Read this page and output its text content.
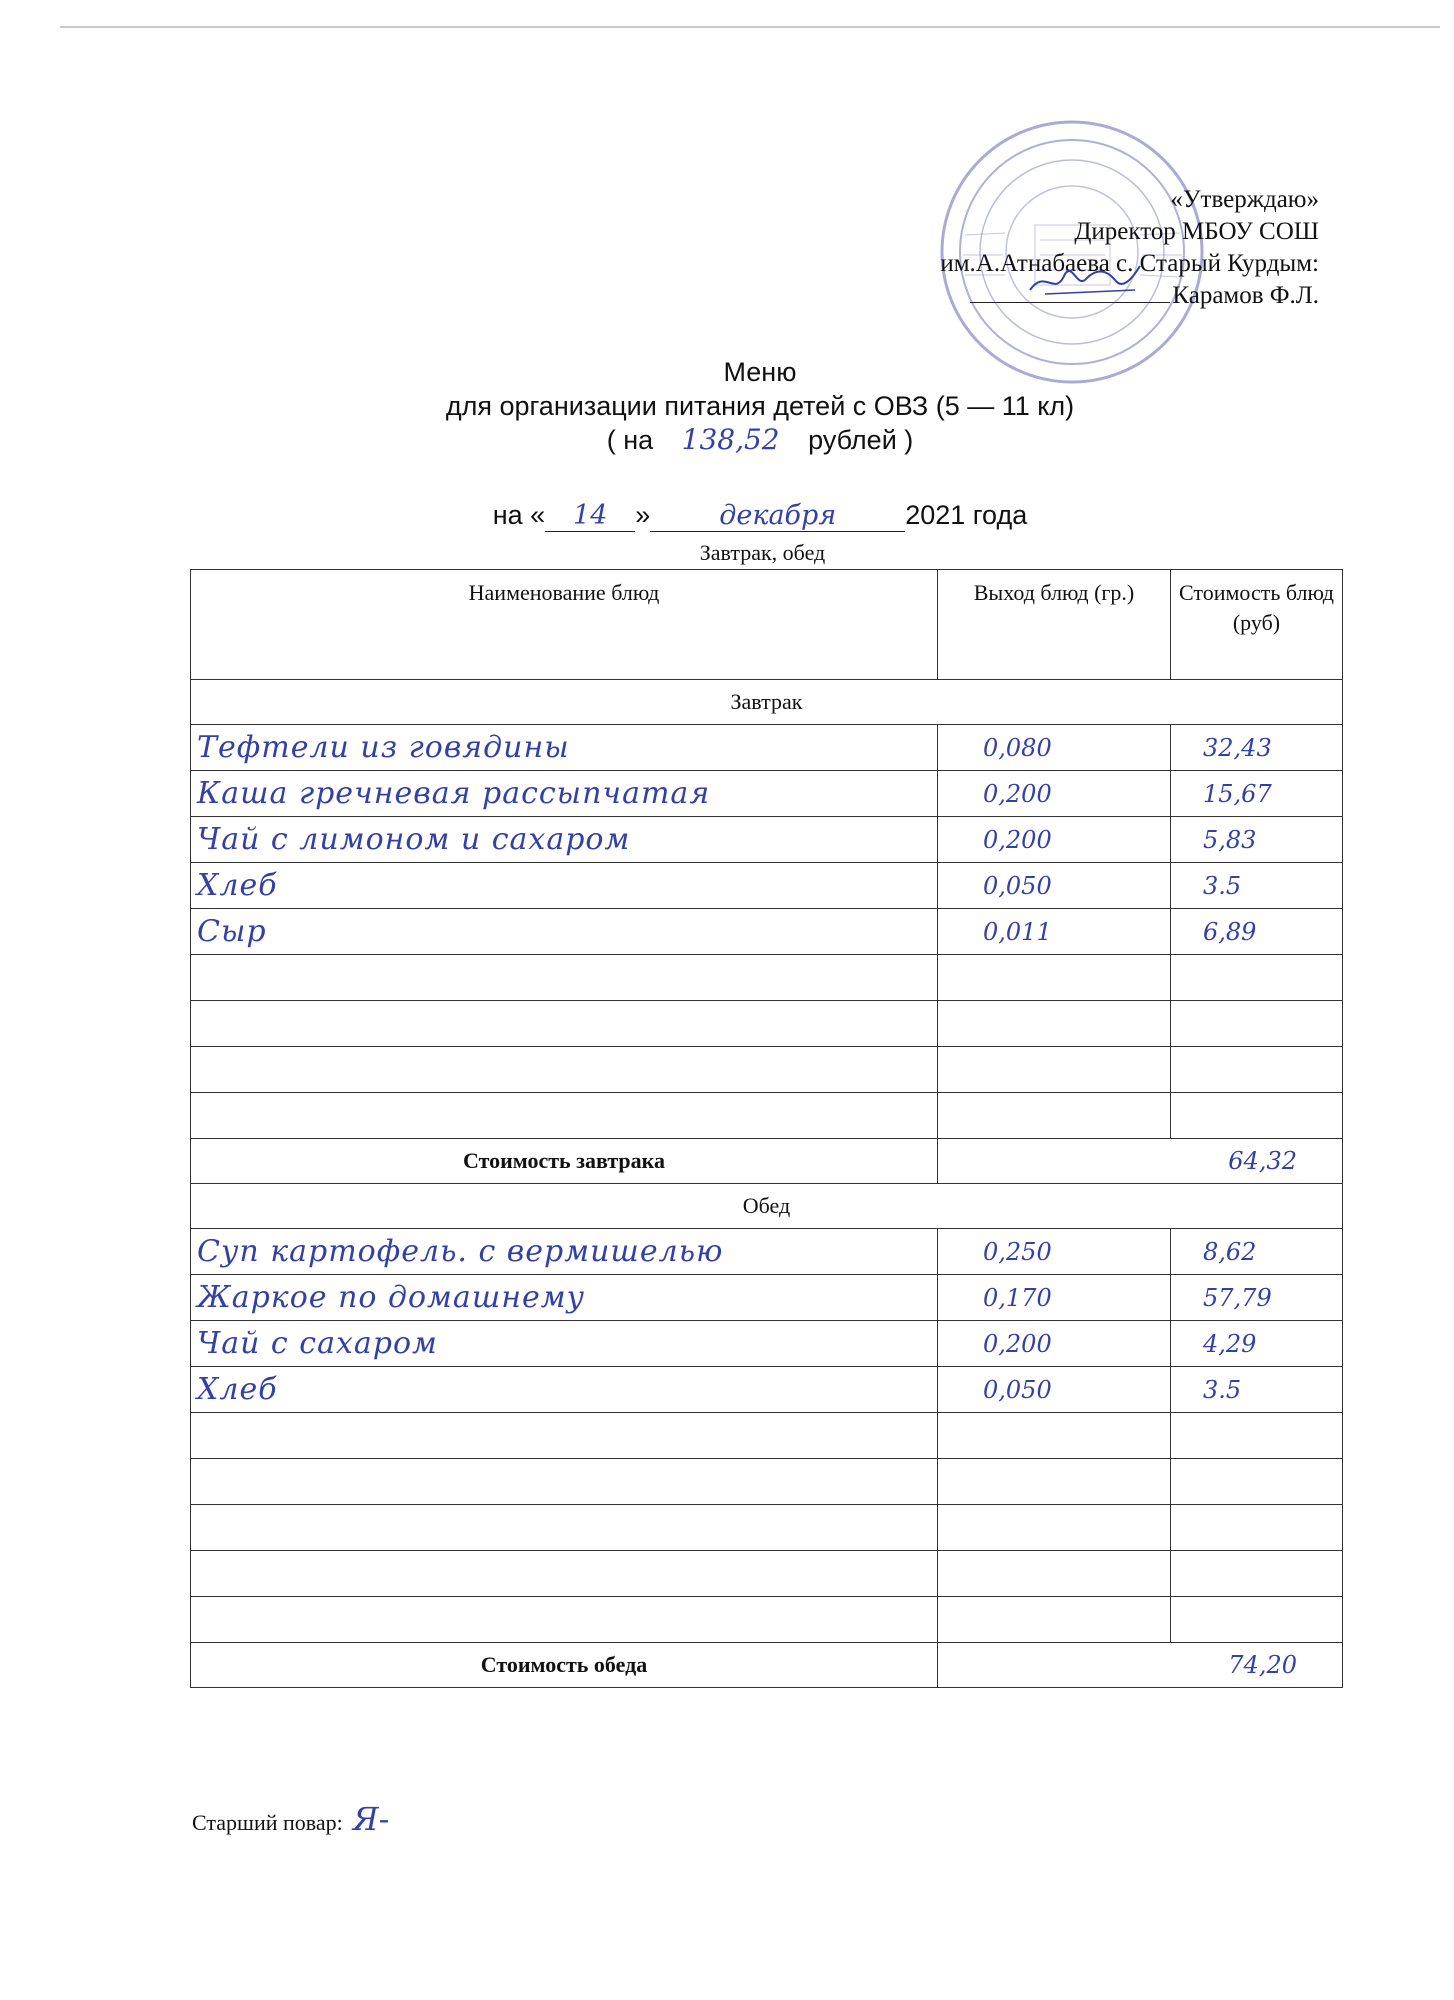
«Утверждаю»
Директор МБОУ СОШ
им.А.Атнабаева с. Старый Курдым:
Карамов Ф.Л.
Меню
для организации питания детей с ОВЗ (5 — 11 кл)
( на 138,52 рублей )
на « 14 »	декабря	2021 года
Завтрак, обед
Наименование блюд	Выход блюд (гр.)	Стоимость блюд (руб)
Завтрак		
Тефтели из говядины	0,080	32,43
Каша гречневая рассыпчатая	0,200	15,67
Чай с лимоном и сахаром	0,200	5,83
Хлеб	0,050	3.5
Сыр	0,011	6,89

Стоимость завтрака	64,32	
Обед		
Суп картофель. с вермишелью	0,250	8,62
Жаркое по домашнему	0,170	57,79
Чай с сахаром	0,200	4,29
Хлеб	0,050	3.5

Стоимость обеда	74,20	
Старший повар: Я-
